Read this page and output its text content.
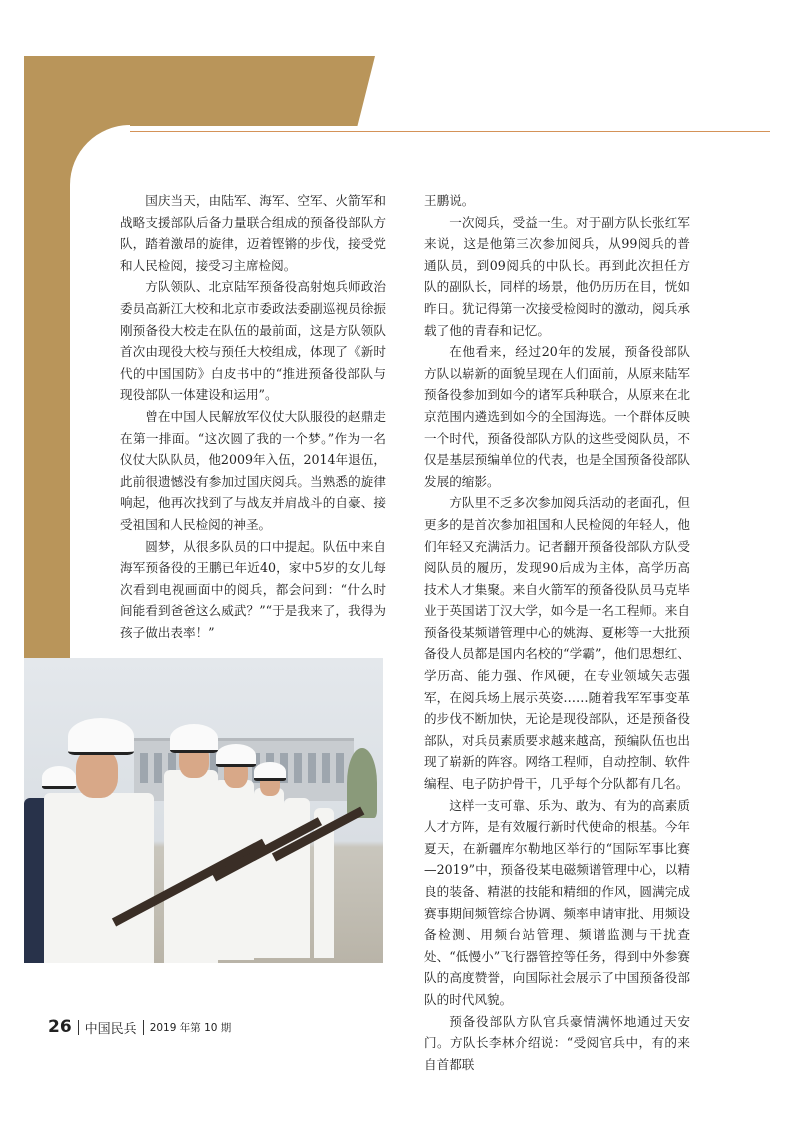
国庆当天，由陆军、海军、空军、火箭军和战略支援部队后备力量联合组成的预备役部队方队，踏着激昂的旋律，迈着铿锵的步伐，接受党和人民检阅，接受习主席检阅。

方队领队、北京陆军预备役高射炮兵师政治委员高新江大校和北京市委政法委副巡视员徐振刚预备役大校走在队伍的最前面，这是方队领队首次由现役大校与预任大校组成，体现了《新时代的中国国防》白皮书中的“推进预备役部队与现役部队一体建设和运用”。

曾在中国人民解放军仪仗大队服役的赵鼎走在第一排面。“这次圆了我的一个梦。”作为一名仪仗大队队员，他2009年入伍，2014年退伍，此前很遗憾没有参加过国庆阅兵。当熟悉的旋律响起，他再次找到了与战友并肩战斗的自豪、接受祖国和人民检阅的神圣。

圆梦，从很多队员的口中提起。队伍中来自海军预备役的王鹏已年近40，家中5岁的女儿每次看到电视画面中的阅兵，都会问到：“什么时间能看到爸爸这么威武？”“于是我来了，我得为孩子做出表率！”

王鹏说。

一次阅兵，受益一生。对于副方队长张红军来说，这是他第三次参加阅兵，从99阅兵的普通队员，到09阅兵的中队长。再到此次担任方队的副队长，同样的场景，他仍历历在目，恍如昨日。犹记得第一次接受检阅时的激动，阅兵承载了他的青春和记忆。

在他看来，经过20年的发展，预备役部队方队以崭新的面貌呈现在人们面前，从原来陆军预备役参加到如今的诸军兵种联合，从原来在北京范围内遴选到如今的全国海选。一个群体反映一个时代，预备役部队方队的这些受阅队员，不仅是基层预编单位的代表，也是全国预备役部队发展的缩影。

方队里不乏多次参加阅兵活动的老面孔，但更多的是首次参加祖国和人民检阅的年轻人，他们年轻又充满活力。记者翻开预备役部队方队受阅队员的履历，发现90后成为主体，高学历高技术人才集聚。来自火箭军的预备役队员马克毕业于英国诺丁汉大学，如今是一名工程师。来自预备役某频谱管理中心的姚海、夏彬等一大批预备役人员都是国内名校的“学霸”，他们思想红、学历高、能力强、作风硬，在专业领域矢志强军，在阅兵场上展示英姿……随着我军军事变革的步伐不断加快，无论是现役部队，还是预备役部队，对兵员素质要求越来越高，预编队伍也出现了崭新的阵容。网络工程师，自动控制、软件编程、电子防护骨干，几乎每个分队都有几名。

这样一支可靠、乐为、敢为、有为的高素质人才方阵，是有效履行新时代使命的根基。今年夏天，在新疆库尔勒地区举行的“国际军事比赛—2019”中，预备役某电磁频谱管理中心，以精良的装备、精湛的技能和精细的作风，圆满完成赛事期间频管综合协调、频率申请审批、用频设备检测、用频台站管理、频谱监测与干扰查处、“低慢小”飞行器管控等任务，得到中外参赛队的高度赞誉，向国际社会展示了中国预备役部队的时代风貌。

预备役部队方队官兵豪情满怀地通过天安门。方队长李林介绍说：“受阅官兵中，有的来自首都联

26 中国民兵 2019 年第 10 期
